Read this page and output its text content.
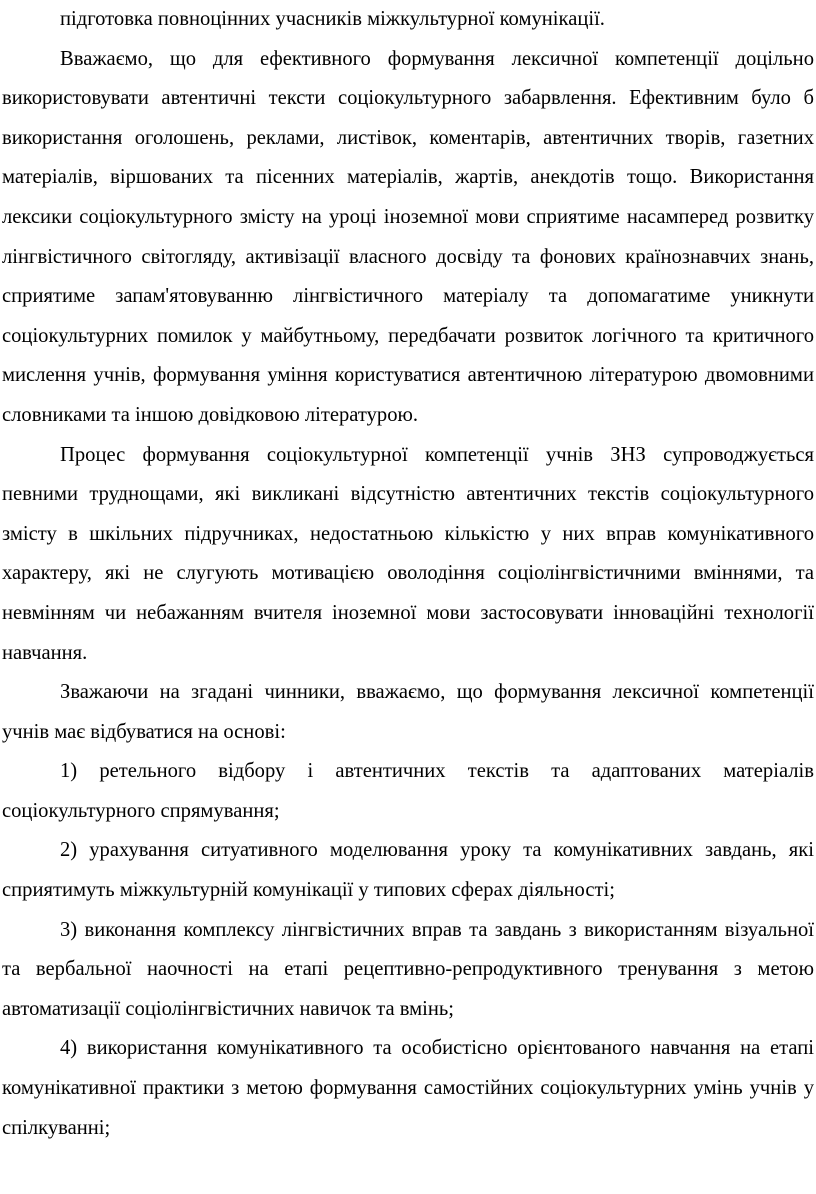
підготовка повноцінних учасників міжкультурної комунікації.

Вважаємо, що для ефективного формування лексичної компетенції доцільно використовувати автентичні тексти соціокультурного забарвлення. Ефективним було б використання оголошень, реклами, листівок, коментарів, автентичних творів, газетних матеріалів, віршованих та пісенних матеріалів, жартів, анекдотів тощо. Використання лексики соціокультурного змісту на уроці іноземної мови сприятиме насамперед розвитку лінгвістичного світогляду, активізації власного досвіду та фонових країнознавчих знань, сприятиме запам'ятовуванню лінгвістичного матеріалу та допомагатиме уникнути соціокультурних помилок у майбутньому, передбачати розвиток логічного та критичного мислення учнів, формування уміння користуватися автентичною літературою двомовними словниками та іншою довідковою літературою.

Процес формування соціокультурної компетенції учнів ЗНЗ супроводжується певними труднощами, які викликані відсутністю автентичних текстів соціокультурного змісту в шкільних підручниках, недостатньою кількістю у них вправ комунікативного характеру, які не слугують мотивацією оволодіння соціолінгвістичними вміннями, та невмінням чи небажанням вчителя іноземної мови застосовувати інноваційні технології навчання.

Зважаючи на згадані чинники, вважаємо, що формування лексичної компетенції учнів має відбуватися на основі:

1) ретельного відбору і автентичних текстів та адаптованих матеріалів соціокультурного спрямування;

2) урахування ситуативного моделювання уроку та комунікативних завдань, які сприятимуть міжкультурній комунікації у типових сферах діяльності;

3) виконання комплексу лінгвістичних вправ та завдань з використанням візуальної та вербальної наочності на етапі рецептивно-репродуктивного тренування з метою автоматизації соціолінгвістичних навичок та вмінь;

4) використання комунікативного та особистісно орієнтованого навчання на етапі комунікативної практики з метою формування самостійних соціокультурних умінь учнів у спілкуванні;
